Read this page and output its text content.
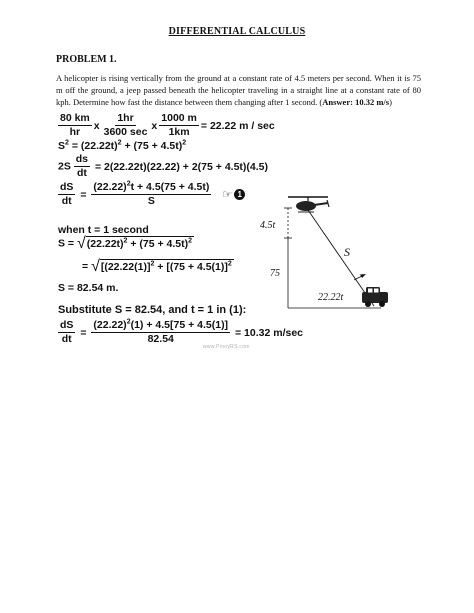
DIFFERENTIAL CALCULUS
PROBLEM 1.
A helicopter is rising vertically from the ground at a constant rate of 4.5 meters per second. When it is 75 m off the ground, a jeep passed beneath the helicopter traveling in a straight line at a constant rate of 80 kph. Determine how fast the distance between them changing after 1 second. (Answer: 10.32 m/s)
$\frac{80 km}{hr}$ x $\frac{1hr}{3600 \sec}$ x $\frac{1000 m}{1km} = 22.22$ m / sec
$S^2 = (22.22t)^2 + (75 + 4.5t)^2$
$2S \frac{ds}{dt} = 2(22.22t)(22.22) + 2(75 + 4.5t)(4.5)$
$\frac{dS}{dt} = \frac{(22.22)^2t + 4.5(75 + 4.5t)}{S}$ ☞ 1
when t = 1 second
S = √ $(22.22t)^2 + (75 + 4.5t)^2$
= √ [$(22.22(1)]^2 + [(75 + 4.5(1)]^2$
S = 82.54 m.
Substitute S = 82.54, and t = 1 in (1):
$\frac{dS}{dt} = \frac{(22.22)^2(1) + 4.5[75 + 4.5(1)]}{82.54} = 10.32$ m/sec
www.PinoyRS.com
4.5t
75
S
22.22t
